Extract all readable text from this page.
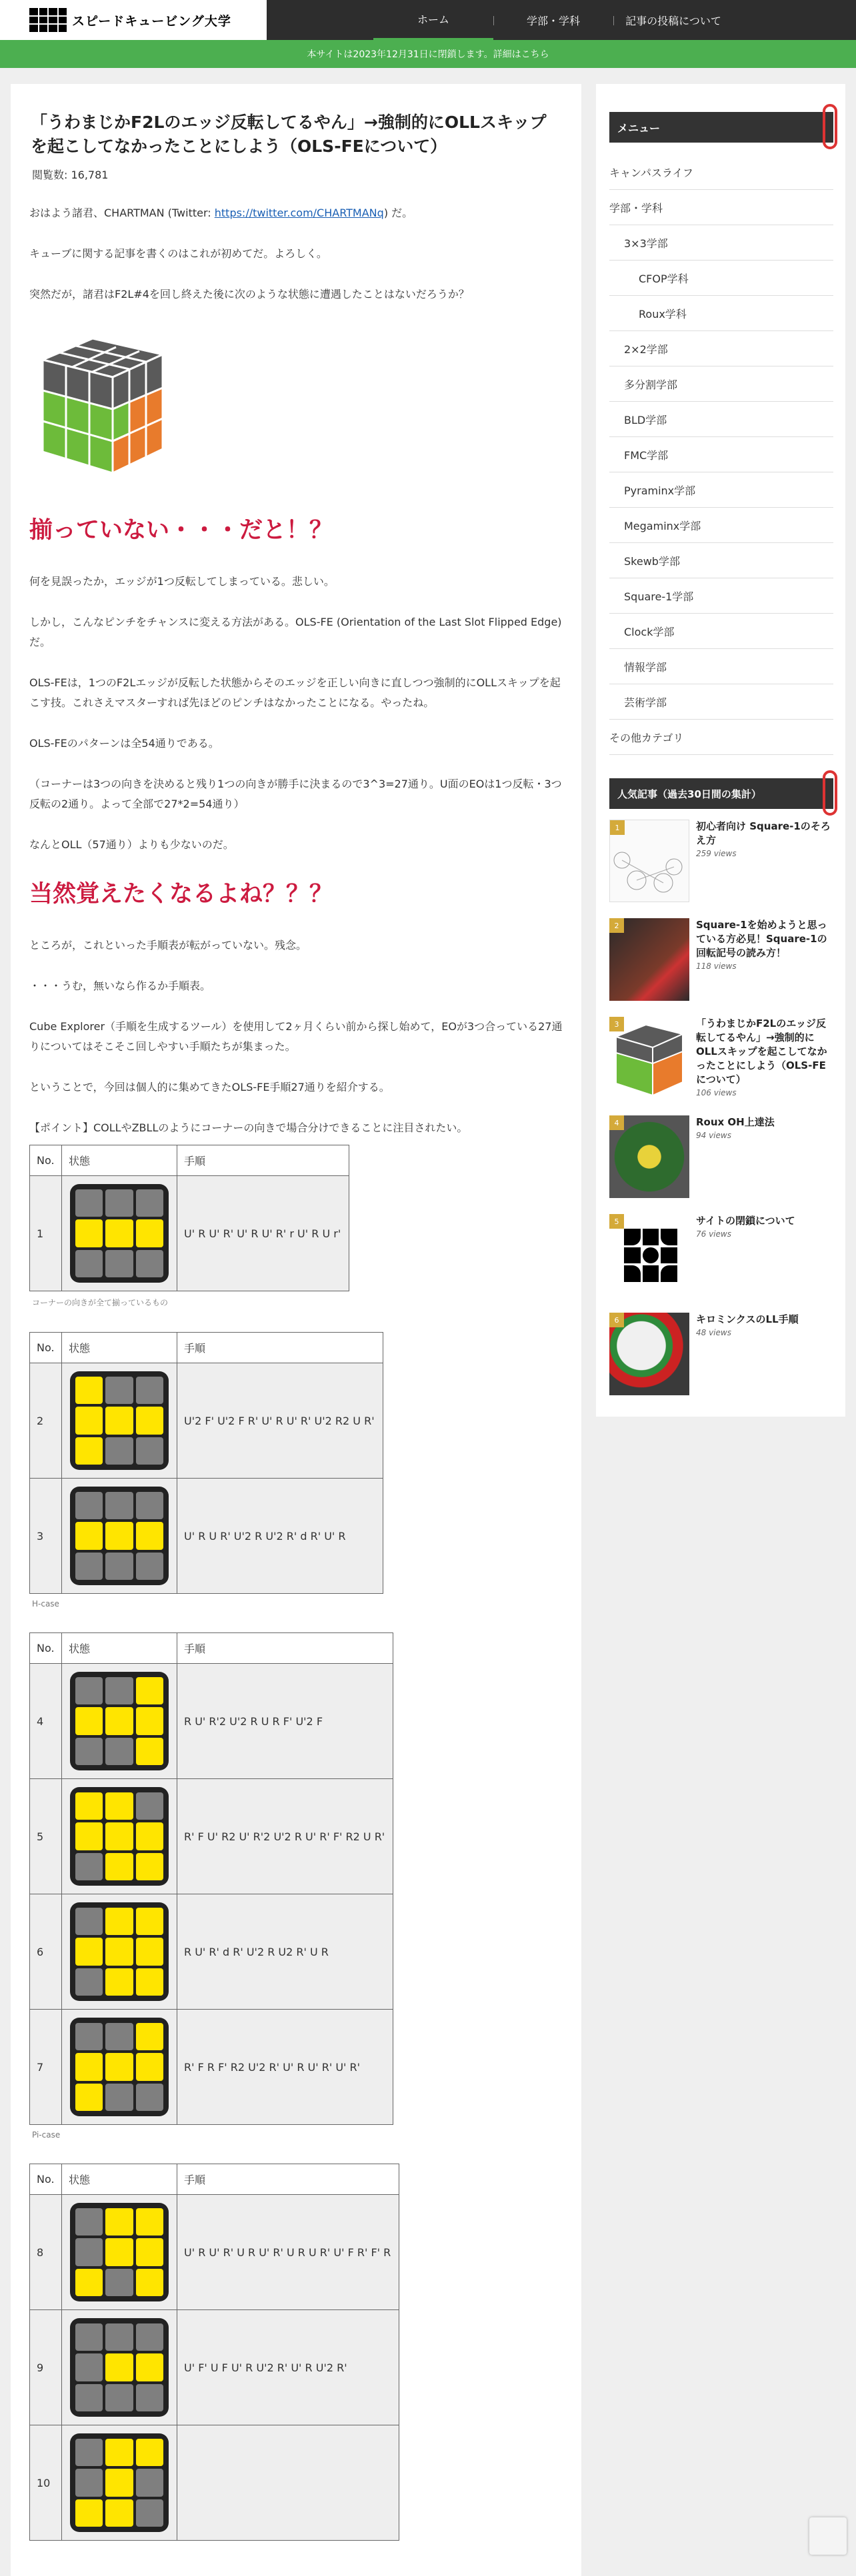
スピードキュービング大学	ホーム	学部・学科	記事の投稿について
本サイトは2023年12月31日に閉鎖します。詳細はこちら
「うわまじかF2Lのエッジ反転してるやん」→強制的にOLLスキップを起こしてなかったことにしよう（OLS-FEについて）
閲覧数: 16,781

おはよう諸君、CHARTMAN (Twitter: https://twitter.com/CHARTMANq) だ。

キューブに関する記事を書くのはこれが初めてだ。よろしく。

突然だが，諸君はF2L#4を回し終えた後に次のような状態に遭遇したことはないだろうか？

揃っていない・・・だと！？

何を見誤ったか，エッジが1つ反転してしまっている。悲しい。

しかし，こんなピンチをチャンスに変える方法がある。OLS-FE (Orientation of the Last Slot Flipped Edge)だ。

OLS-FEは，1つのF2Lエッジが反転した状態からそのエッジを正しい向きに直しつつ強制的にOLLスキップを起こす技。これさえマスターすれば先ほどのピンチはなかったことになる。やったね。

OLS-FEのパターンは全54通りである。

（コーナーは3つの向きを決めると残り1つの向きが勝手に決まるので3^3=27通り。U面のEOは1つ反転・3つ反転の2通り。よって全部で27*2=54通り）

なんとOLL（57通り）よりも少ないのだ。

当然覚えたくなるよね？？？

ところが，これといった手順表が転がっていない。残念。

・・・うむ，無いなら作るか手順表。

Cube Explorer（手順を生成するツール）を使用して2ヶ月くらい前から探し始めて，EOが3つ合っている27通りについてはそこそこ回しやすい手順たちが集まった。

ということで，今回は個人的に集めてきたOLS-FE手順27通りを紹介する。

【ポイント】COLLやZBLLのようにコーナーの向きで場合分けできることに注目されたい。

No.	状態	手順
1		U' R U' R' U' R U' R' r U' R U r'
コーナーの向きが全て揃っているもの
No.	状態	手順
2		U'2 F' U'2 F R' U' R U' R' U'2 R2 U R'
3		U' R U R' U'2 R U'2 R' d R' U' R
H-case
No.	状態	手順
4		R U' R'2 U'2 R U R F' U'2 F
5		R' F U' R2 U' R'2 U'2 R U' R' F' R2 U R'
6		R U' R' d R' U'2 R U2 R' U R
7		R' F R F' R2 U'2 R' U' R U' R' U' R'
Pi-case
No.	状態	手順
8		U' R U' R' U R U' R' U R U R' U' F R' F' R
9		U' F' U F U' R U'2 R' U' R U'2 R'
10	

メニュー
キャンパスライフ
学部・学科
3×3学部
CFOP学科
Roux学科
2×2学部
多分割学部
BLD学部
FMC学部
Pyraminx学部
Megaminx学部
Skewb学部
Square-1学部
Clock学部
情報学部
芸術学部
その他カテゴリ
人気記事（過去30日間の集計）
1	初心者向け Square-1のそろえ方
259 views
2	Square-1を始めようと思っている方必見！Square-1の回転記号の読み方！
118 views
3	「うわまじかF2Lのエッジ反転してるやん」→強制的にOLLスキップを起こしてなかったことにしよう（OLS-FEについて）
106 views
4	Roux OH上達法
94 views
5	サイトの閉鎖について
76 views
6	キロミンクスのLL手順
48 views
